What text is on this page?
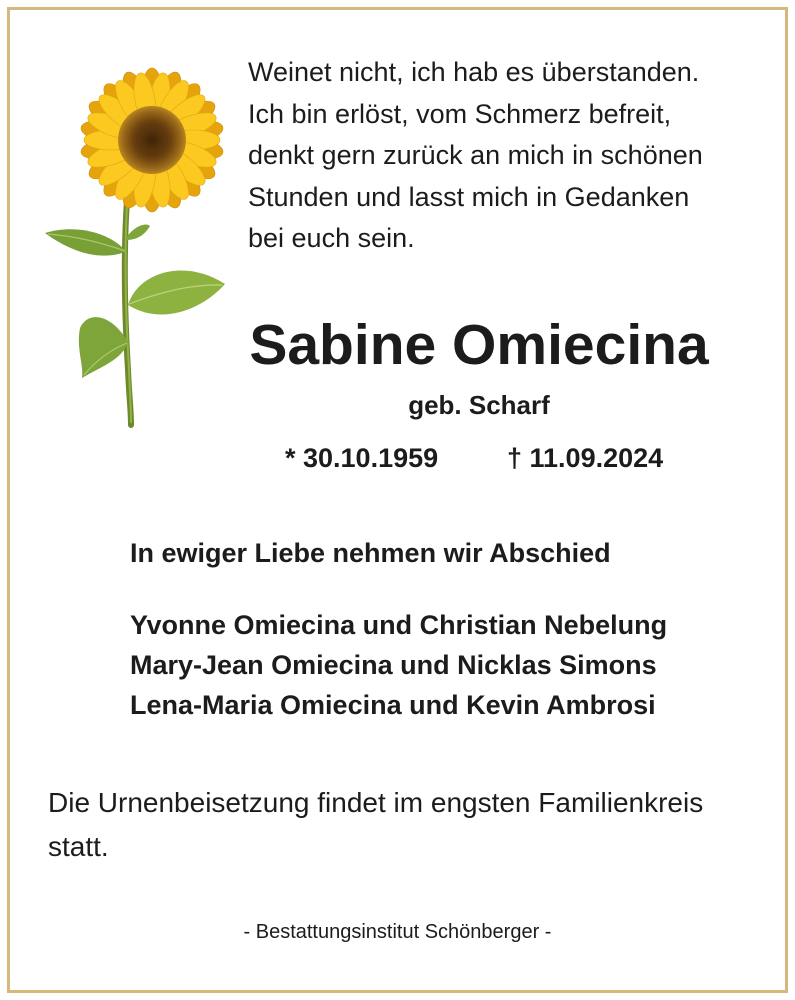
Weinet nicht, ich hab es überstanden.
Ich bin erlöst, vom Schmerz befreit,
denkt gern zurück an mich in schönen
Stunden und lasst mich in Gedanken
bei euch sein.
Sabine Omiecina
geb. Scharf
* 30.10.1959	† 11.09.2024
In ewiger Liebe nehmen wir Abschied
Yvonne Omiecina und Christian Nebelung
Mary-Jean Omiecina und Nicklas Simons
Lena-Maria Omiecina und Kevin Ambrosi
Die Urnenbeisetzung findet im engsten Familienkreis statt.
- Bestattungsinstitut Schönberger -
